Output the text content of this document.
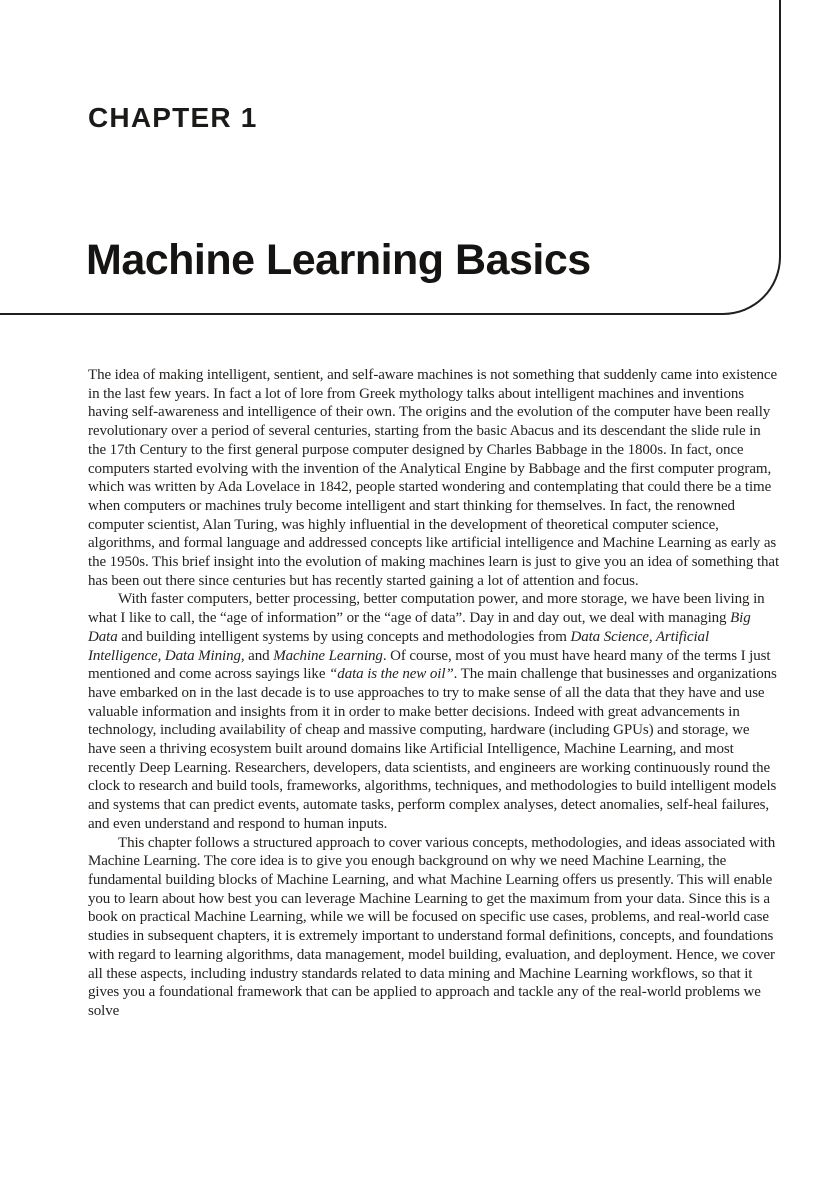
CHAPTER 1
Machine Learning Basics

The idea of making intelligent, sentient, and self-aware machines is not something that suddenly came into existence in the last few years. In fact a lot of lore from Greek mythology talks about intelligent machines and inventions having self-awareness and intelligence of their own. The origins and the evolution of the computer have been really revolutionary over a period of several centuries, starting from the basic Abacus and its descendant the slide rule in the 17th Century to the first general purpose computer designed by Charles Babbage in the 1800s. In fact, once computers started evolving with the invention of the Analytical Engine by Babbage and the first computer program, which was written by Ada Lovelace in 1842, people started wondering and contemplating that could there be a time when computers or machines truly become intelligent and start thinking for themselves. In fact, the renowned computer scientist, Alan Turing, was highly influential in the development of theoretical computer science, algorithms, and formal language and addressed concepts like artificial intelligence and Machine Learning as early as the 1950s. This brief insight into the evolution of making machines learn is just to give you an idea of something that has been out there since centuries but has recently started gaining a lot of attention and focus.

With faster computers, better processing, better computation power, and more storage, we have been living in what I like to call, the “age of information” or the “age of data”. Day in and day out, we deal with managing Big Data and building intelligent systems by using concepts and methodologies from Data Science, Artificial Intelligence, Data Mining, and Machine Learning. Of course, most of you must have heard many of the terms I just mentioned and come across sayings like “data is the new oil”. The main challenge that businesses and organizations have embarked on in the last decade is to use approaches to try to make sense of all the data that they have and use valuable information and insights from it in order to make better decisions. Indeed with great advancements in technology, including availability of cheap and massive computing, hardware (including GPUs) and storage, we have seen a thriving ecosystem built around domains like Artificial Intelligence, Machine Learning, and most recently Deep Learning. Researchers, developers, data scientists, and engineers are working continuously round the clock to research and build tools, frameworks, algorithms, techniques, and methodologies to build intelligent models and systems that can predict events, automate tasks, perform complex analyses, detect anomalies, self-heal failures, and even understand and respond to human inputs.

This chapter follows a structured approach to cover various concepts, methodologies, and ideas associated with Machine Learning. The core idea is to give you enough background on why we need Machine Learning, the fundamental building blocks of Machine Learning, and what Machine Learning offers us presently. This will enable you to learn about how best you can leverage Machine Learning to get the maximum from your data. Since this is a book on practical Machine Learning, while we will be focused on specific use cases, problems, and real-world case studies in subsequent chapters, it is extremely important to understand formal definitions, concepts, and foundations with regard to learning algorithms, data management, model building, evaluation, and deployment. Hence, we cover all these aspects, including industry standards related to data mining and Machine Learning workflows, so that it gives you a foundational framework that can be applied to approach and tackle any of the real-world problems we solve
